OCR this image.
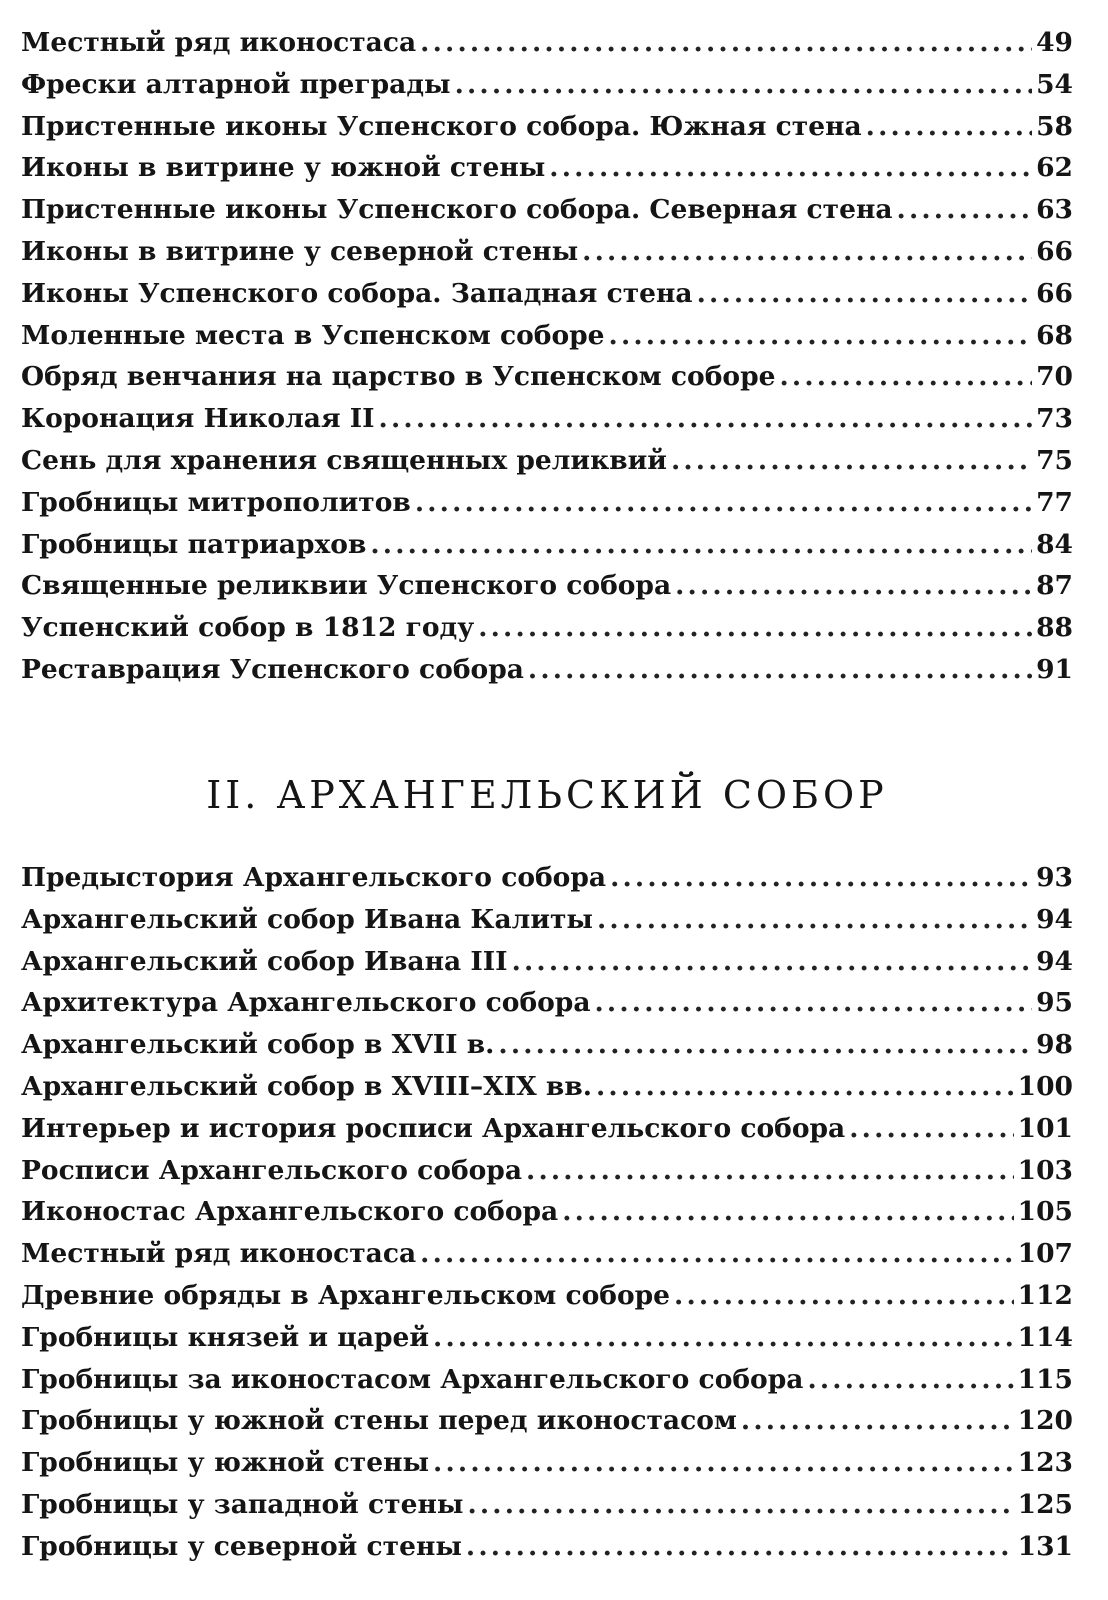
Местный ряд иконостаса .....	49
Фрески алтарной преграды .....	54
Пристенные иконы Успенского собора. Южная стена .....	58
Иконы в витрине у южной стены .....	62
Пристенные иконы Успенского собора. Северная стена .....	63
Иконы в витрине у северной стены .....	66
Иконы Успенского собора. Западная стена .....	66
Моленные места в Успенском соборе .....	68
Обряд венчания на царство в Успенском соборе .....	70
Коронация Николая II .....	73
Сень для хранения священных реликвий .....	75
Гробницы митрополитов .....	77
Гробницы патриархов .....	84
Священные реликвии Успенского собора .....	87
Успенский собор в 1812 году .....	88
Реставрация Успенского собора .....	91
II. АРХАНГЕЛЬСКИЙ СОБОР
Предыстория Архангельского собора .....	93
Архангельский собор Ивана Калиты .....	94
Архангельский собор Ивана III .....	94
Архитектура Архангельского собора .....	95
Архангельский собор в XVII в. .....	98
Архангельский собор в XVIII–XIX вв. .....	100
Интерьер и история росписи Архангельского собора .....	101
Росписи Архангельского собора .....	103
Иконостас Архангельского собора .....	105
Местный ряд иконостаса .....	107
Древние обряды в Архангельском соборе .....	112
Гробницы князей и царей .....	114
Гробницы за иконостасом Архангельского собора .....	115
Гробницы у южной стены перед иконостасом .....	120
Гробницы у южной стены .....	123
Гробницы у западной стены .....	125
Гробницы у северной стены .....	131
